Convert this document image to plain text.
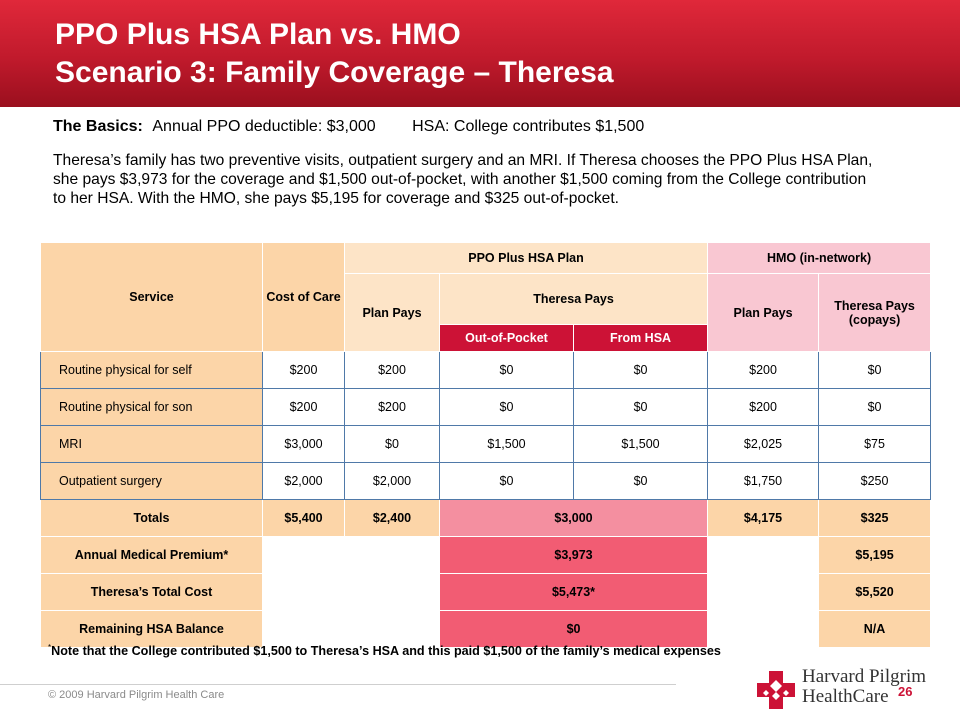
PPO Plus HSA Plan vs. HMO
Scenario 3: Family Coverage – Theresa
The Basics: Annual PPO deductible: $3,000 HSA: College contributes $1,500
Theresa’s family has two preventive visits, outpatient surgery and an MRI. If Theresa chooses the PPO Plus HSA Plan, she pays $3,973 for the coverage and $1,500 out-of-pocket, with another $1,500 coming from the College contribution to her HSA. With the HMO, she pays $5,195 for coverage and $325 out-of-pocket.
Service	Cost of Care	PPO Plus HSA Plan			HMO (in-network)	
		Plan Pays	Theresa Pays		Plan Pays	Theresa Pays (copays)
			Out-of-Pocket	From HSA		
Routine physical for self	$200	$200	$0	$0	$200	$0
Routine physical for son	$200	$200	$0	$0	$200	$0
MRI	$3,000	$0	$1,500	$1,500	$2,025	$75
Outpatient surgery	$2,000	$2,000	$0	$0	$1,750	$250
Totals	$5,400	$2,400	$3,000		$4,175	$325
Annual Medical Premium*			$3,973			$5,195
Theresa’s Total Cost			$5,473*			$5,520
Remaining HSA Balance			$0			N/A
*Note that the College contributed $1,500 to Theresa’s HSA and this paid $1,500 of the family’s medical expenses
© 2009 Harvard Pilgrim Health Care
Harvard Pilgrim
HealthCare 26
